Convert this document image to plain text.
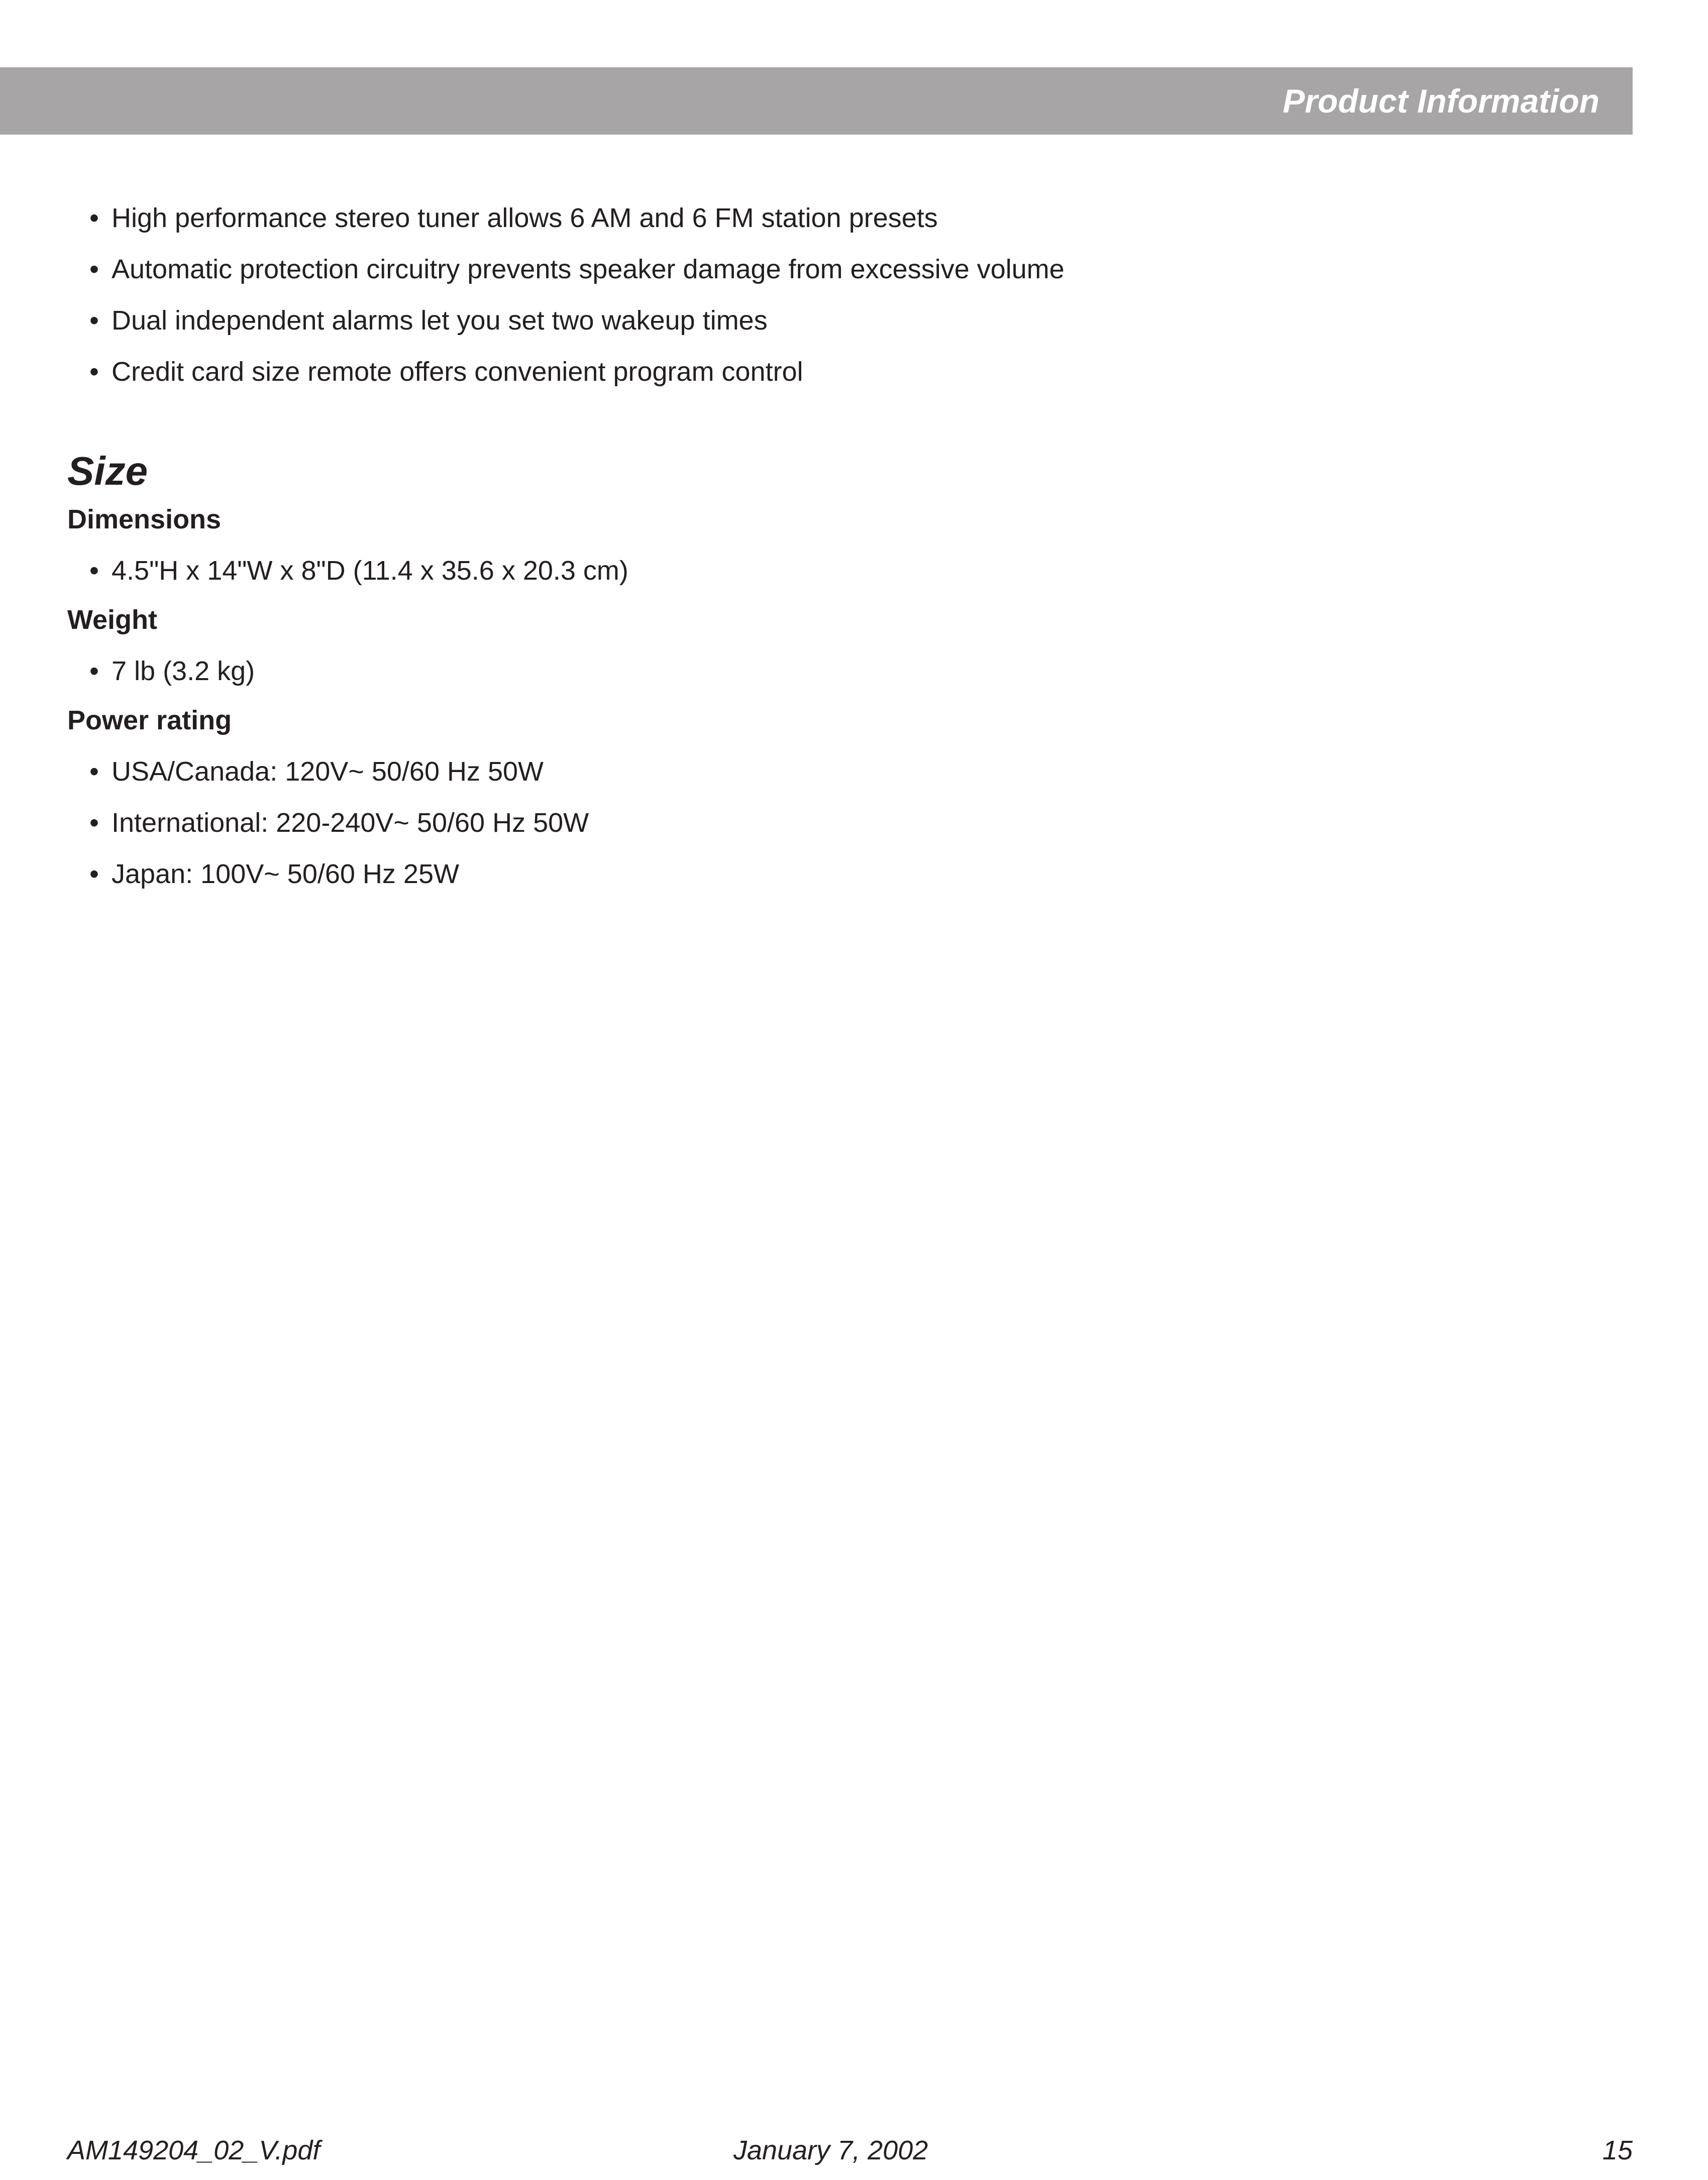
Product Information
• High performance stereo tuner allows 6 AM and 6 FM station presets
• Automatic protection circuitry prevents speaker damage from excessive volume
• Dual independent alarms let you set two wakeup times
• Credit card size remote offers convenient program control
Size

Dimensions

• 4.5"H x 14"W x 8"D (11.4 x 35.6 x 20.3 cm)

Weight

• 7 lb (3.2 kg)

Power rating

• USA/Canada: 120V~ 50/60 Hz 50W
• International: 220-240V~ 50/60 Hz 50W
• Japan: 100V~ 50/60 Hz 25W
AM149204_02_V.pdf	January 7, 2002	15
